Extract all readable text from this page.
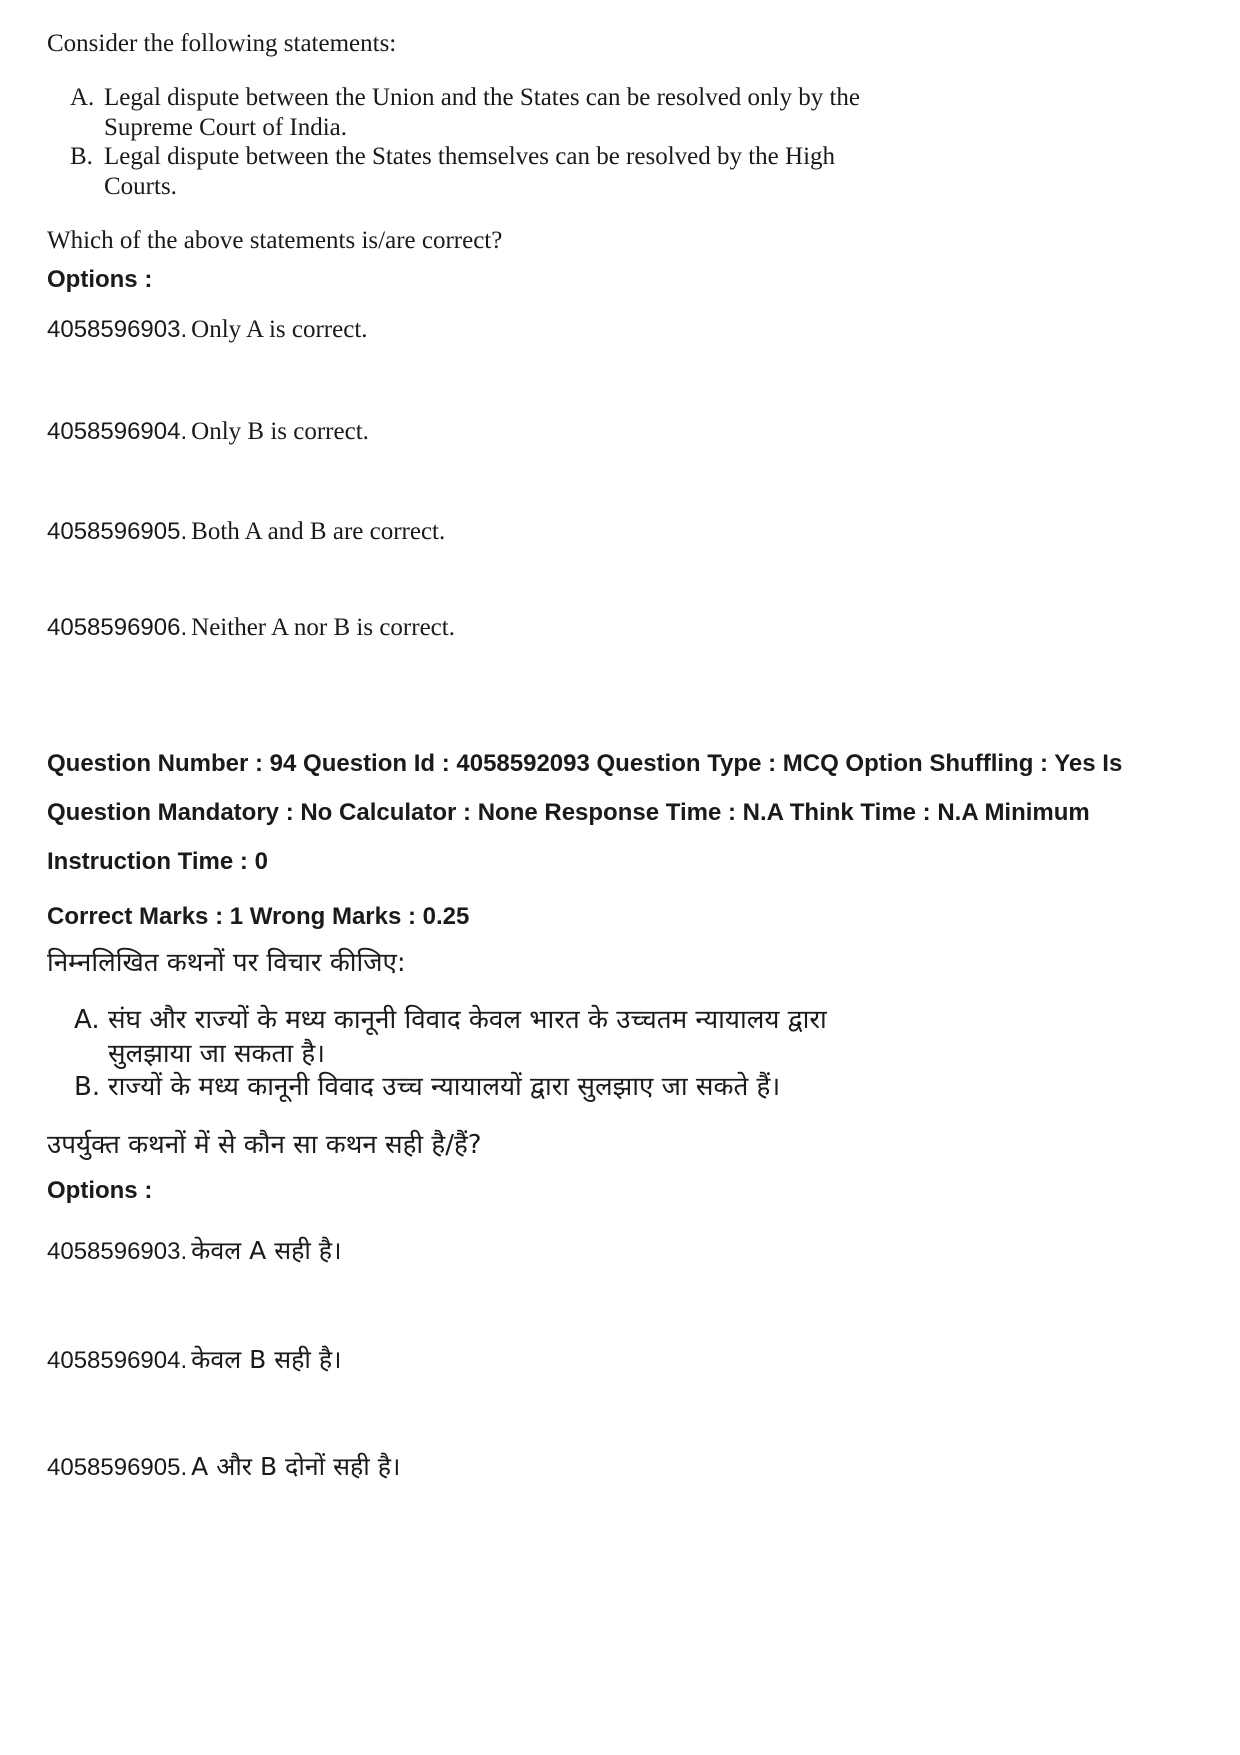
Consider the following statements:
A. Legal dispute between the Union and the States can be resolved only by the
Supreme Court of India.
B. Legal dispute between the States themselves can be resolved by the High
Courts.
Which of the above statements is/are correct?
Options :
4058596903. Only A is correct.
4058596904. Only B is correct.
4058596905. Both A and B are correct.
4058596906. Neither A nor B is correct.
Question Number : 94 Question Id : 4058592093 Question Type : MCQ Option Shuffling : Yes Is
Question Mandatory : No Calculator : None Response Time : N.A Think Time : N.A Minimum
Instruction Time : 0
Correct Marks : 1 Wrong Marks : 0.25
निम्नलिखित कथनों पर विचार कीजिए:
A. संघ और राज्यों के मध्य कानूनी विवाद केवल भारत के उच्चतम न्यायालय द्वारा
सुलझाया जा सकता है।
B. राज्यों के मध्य कानूनी विवाद उच्च न्यायालयों द्वारा सुलझाए जा सकते हैं।
उपर्युक्त कथनों में से कौन सा कथन सही है/हैं?
Options :
4058596903. केवल A सही है।
4058596904. केवल B सही है।
4058596905. A और B दोनों सही है।
